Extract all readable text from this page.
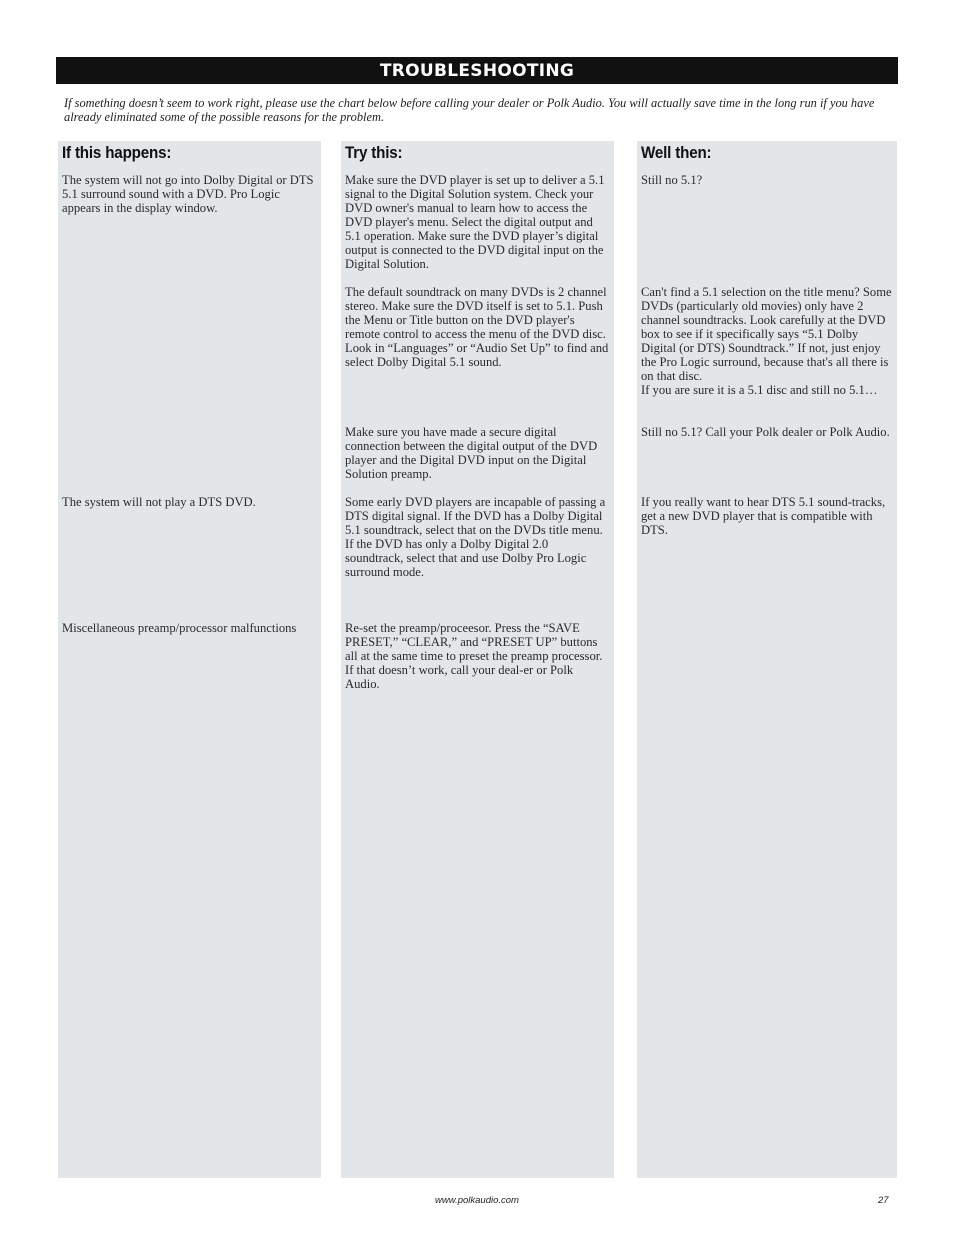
TROUBLESHOOTING
If something doesn’t seem to work right, please use the chart below before calling your dealer or Polk Audio. You will actually save time in the long run if you have already eliminated some of the possible reasons for the problem.
If this happens:
The system will not go into Dolby Digital or DTS 5.1 surround sound with a DVD. Pro Logic appears in the display window.
The system will not play a DTS DVD.
Miscellaneous preamp/processor malfunctions
Try this:
Make sure the DVD player is set up to deliver a 5.1 signal to the Digital Solution system. Check your DVD owner's manual to learn how to access the DVD player's menu. Select the digital output and 5.1 operation. Make sure the DVD player’s digital output is connected to the DVD digital input on the Digital Solution.
The default soundtrack on many DVDs is 2 channel stereo. Make sure the DVD itself is set to 5.1. Push the Menu or Title button on the DVD player's remote control to access the menu of the DVD disc. Look in “Languages” or “Audio Set Up” to find and select Dolby Digital 5.1 sound.
Make sure you have made a secure digital connection between the digital output of the DVD player and the Digital DVD input on the Digital Solution preamp.
Some early DVD players are incapable of passing a DTS digital signal. If the DVD has a Dolby Digital 5.1 soundtrack, select that on the DVDs title menu. If the DVD has only a Dolby Digital 2.0 soundtrack, select that and use Dolby Pro Logic surround mode.
Re-set the preamp/proceesor. Press the “SAVE PRESET,” “CLEAR,” and “PRESET UP” buttons all at the same time to preset the preamp processor. If that doesn’t work, call your deal-er or Polk Audio.
Well then:
Still no 5.1?
Can't find a 5.1 selection on the title menu? Some DVDs (particularly old movies) only have 2 channel soundtracks. Look carefully at the DVD box to see if it specifically says “5.1 Dolby Digital (or DTS) Soundtrack.” If not, just enjoy the Pro Logic surround, because that's all there is on that disc.
If you are sure it is a 5.1 disc and still no 5.1…
Still no 5.1? Call your Polk dealer or Polk Audio.
If you really want to hear DTS 5.1 sound-tracks, get a new DVD player that is compatible with DTS.
www.polkaudio.com	27
